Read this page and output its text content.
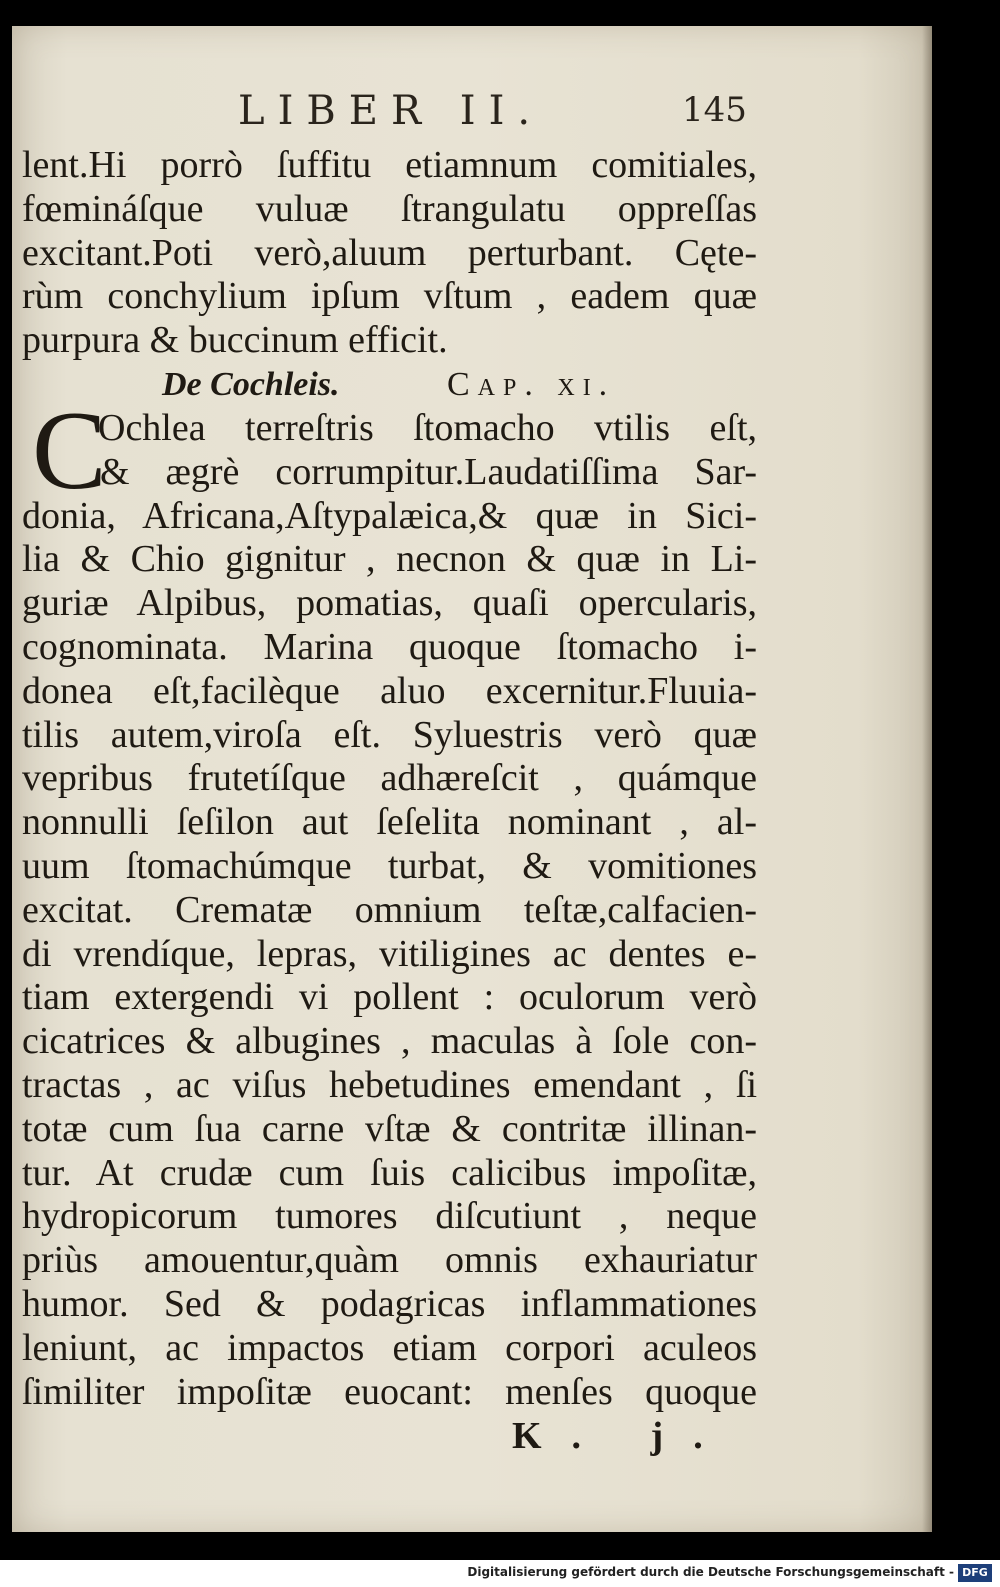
LIBER II.	145
lent.Hi porrò ſuffitu etiamnum comitiales,
fœmináſque vuluæ ſtrangulatu oppreſſas
excitant.Poti verò,aluum perturbant. Cęte-
rùm conchylium ipſum vſtum , eadem quæ
purpura & buccinum efficit.
De Cochleis.	Cap. xi.
C
Ochlea terreſtris ſtomacho vtilis eſt,
& ægrè corrumpitur.Laudatiſſima Sar-
donia, Africana,Aſtypalæica,& quæ in Sici-
lia & Chio gignitur , necnon & quæ in Li-
guriæ Alpibus, pomatias, quaſi opercularis,
cognominata. Marina quoque ſtomacho i-
donea eſt,facilèque aluo excernitur.Fluuia-
tilis autem,viroſa eſt. Syluestris verò quæ
vepribus frutetíſque adhæreſcit , quámque
nonnulli ſeſilon aut ſeſelita nominant , al-
uum ſtomachúmque turbat, & vomitiones
excitat. Crematæ omnium teſtæ,calfacien-
di vrendíque, lepras, vitiligines ac dentes e-
tiam extergendi vi pollent : oculorum verò
cicatrices & albugines , maculas à ſole con-
tractas , ac viſus hebetudines emendant , ſi
totæ cum ſua carne vſtæ & contritæ illinan-
tur. At crudæ cum ſuis calicibus impoſitæ,
hydropicorum tumores diſcutiunt , neque
priùs amouentur,quàm omnis exhauriatur
humor. Sed & podagricas inflammationes
leniunt, ac impactos etiam corpori aculeos
ſimiliter impoſitæ euocant: menſes quoque
K. j.
Digitalisierung gefördert durch die Deutsche Forschungsgemeinschaft - DFG
